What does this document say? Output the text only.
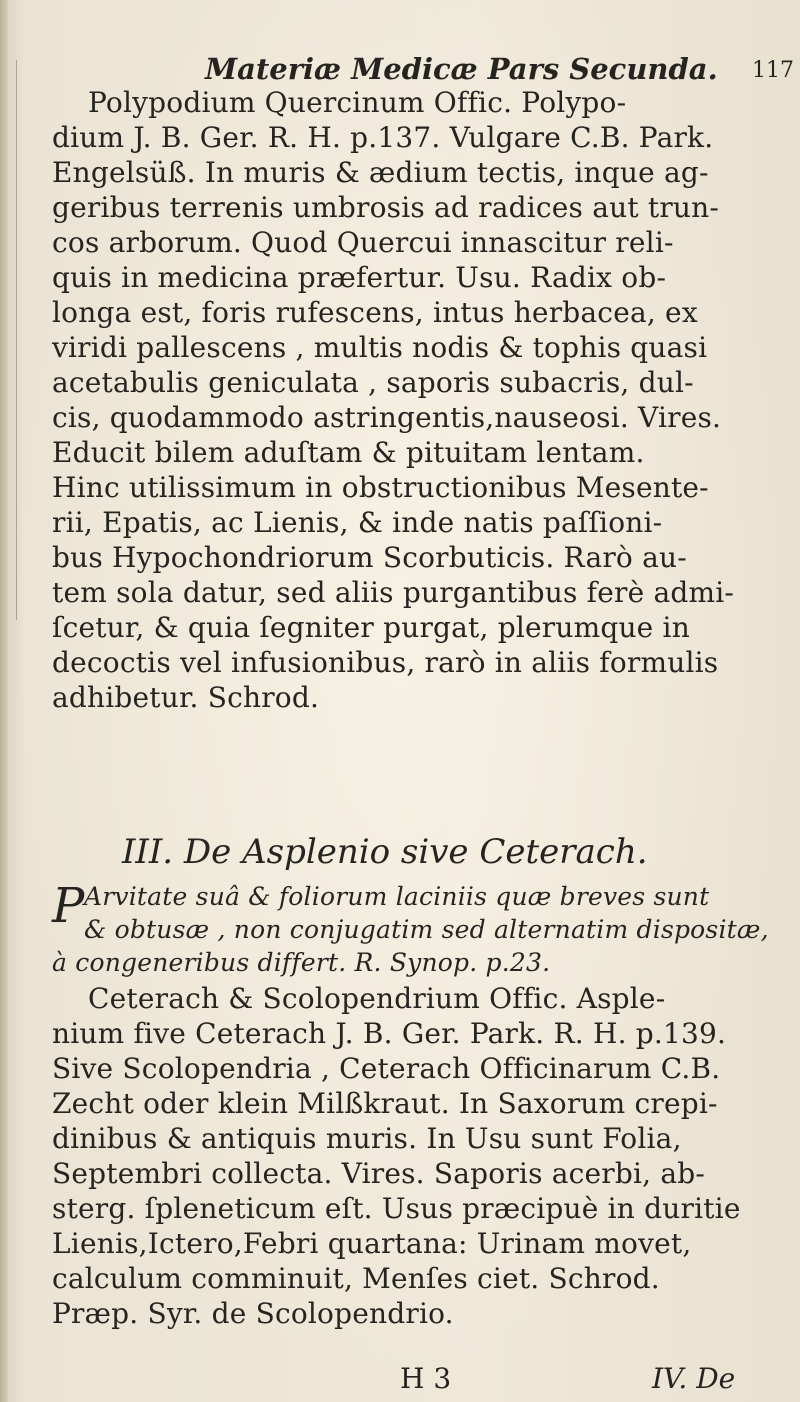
Materiæ Medicæ Pars Secunda. 117
Polypodium Quercinum Offic. Polypo-
dium J. B. Ger. R. H. p.137. Vulgare C.B. Park.
Engelsüß. In muris & ædium tectis, inque ag-
geribus terrenis umbrosis ad radices aut trun-
cos arborum. Quod Quercui innascitur reli-
quis in medicina præfertur. Usu. Radix ob-
longa est, foris rufescens, intus herbacea, ex
viridi pallescens , multis nodis & tophis quasi
acetabulis geniculata , saporis subacris, dul-
cis, quodammodo astringentis,nauseosi. Vires.
Educit bilem aduſtam & pituitam lentam.
Hinc utilissimum in obstructionibus Mesente-
rii, Epatis, ac Lienis, & inde natis paſſioni-
bus Hypochondriorum Scorbuticis. Rarò au-
tem sola datur, sed aliis purgantibus ferè admi-
ſcetur, & quia ſegniter purgat, plerumque in
decoctis vel infusionibus, rarò in aliis formulis
adhibetur. Schrod.
III. De Asplenio sive Ceterach.
P Arvitate suâ & foliorum laciniis quæ breves sunt
& obtusæ , non conjugatim sed alternatim dispositæ,
à congeneribus differt. R. Synop. p.23.
Ceterach & Scolopendrium Offic. Asple-
nium five Ceterach J. B. Ger. Park. R. H. p.139.
Sive Scolopendria , Ceterach Officinarum C.B.
Zecht oder klein Milßkraut. In Saxorum crepi-
dinibus & antiquis muris. In Usu sunt Folia,
Septembri collecta. Vires. Saporis acerbi, ab-
sterg. ſpleneticum eſt. Usus præcipuè in duritie
Lienis,Ictero,Febri quartana: Urinam movet,
calculum comminuit, Menſes ciet. Schrod.
Præp. Syr. de Scolopendrio.
H 3	IV. De
